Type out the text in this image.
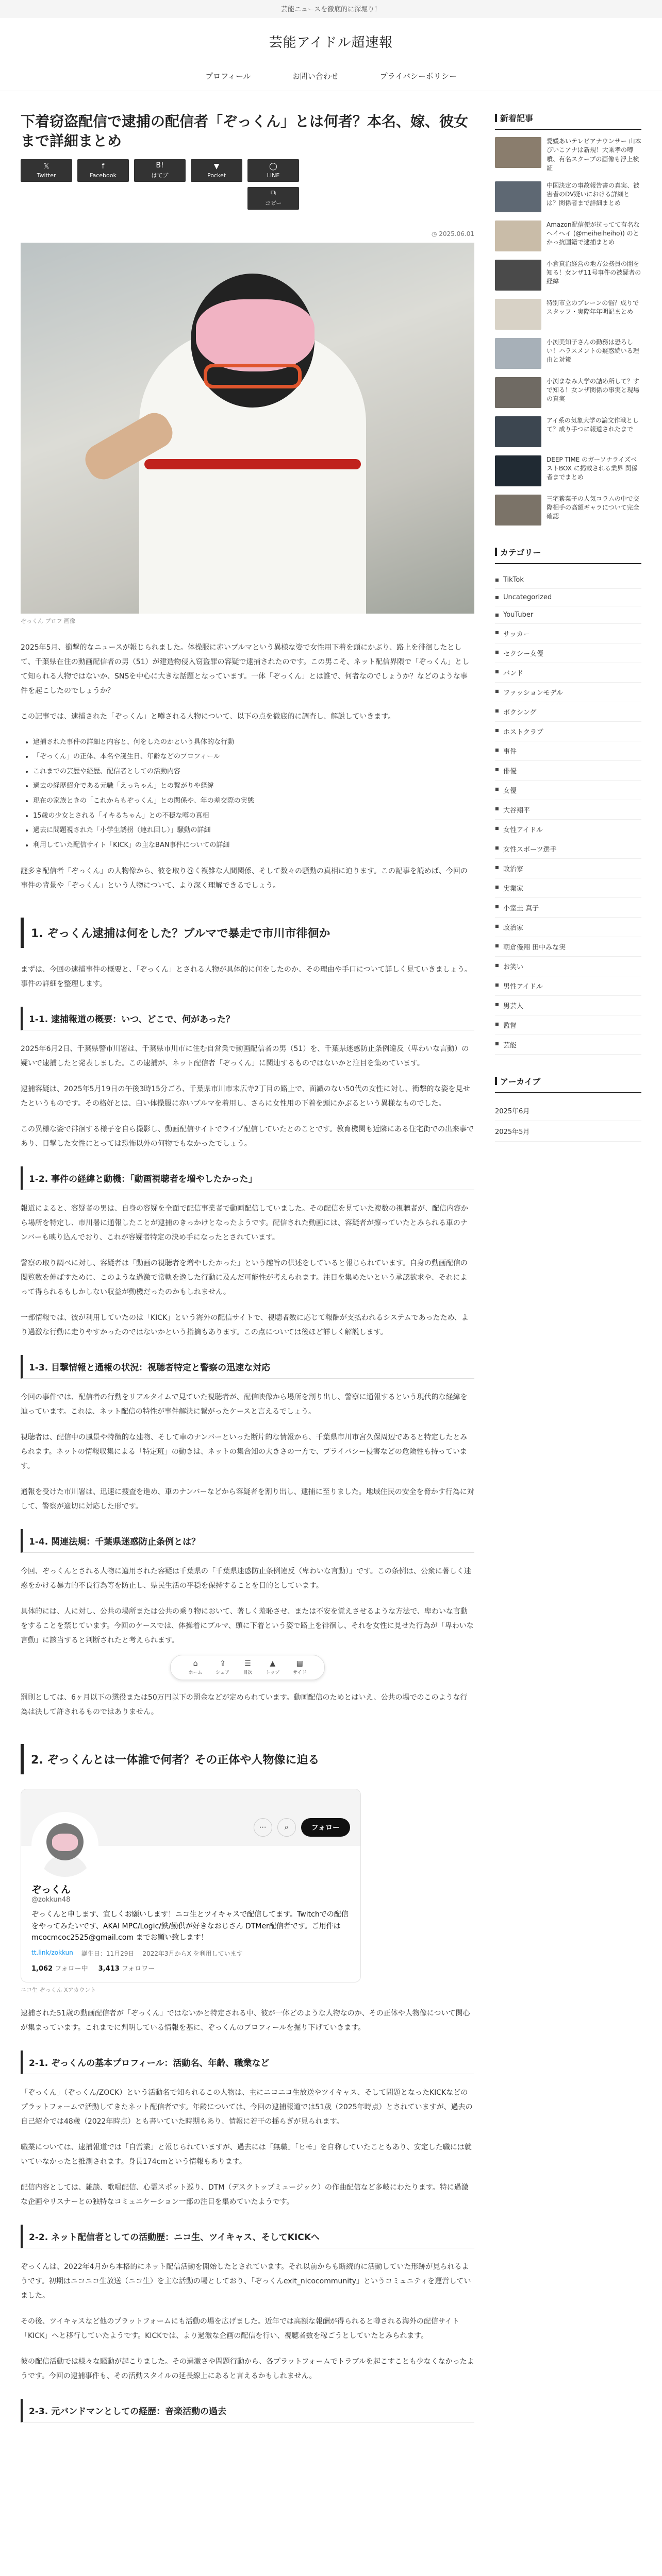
芸能ニュースを徹底的に深堀り！
芸能アイドル超速報
プロフィール	お問い合わせ	プライバシーポリシー
下着窃盗配信で逮捕の配信者「ぞっくん」とは何者？本名、嫁、彼女まで詳細まとめ
𝕏
Twitter
f
Facebook
B!
はてブ
▼
Pocket
◯
LINE
⧉
コピー
◷ 2025.06.01
ぞっくん プロフ 画像

2025年5月、衝撃的なニュースが報じられました。体操服に赤いブルマという異様な姿で女性用下着を頭にかぶり、路上を徘徊したとして、千葉県在住の動画配信者の男（51）が建造物侵入窃盗罪の容疑で逮捕されたのです。この男こそ、ネット配信界隈で「ぞっくん」として知られる人物ではないか、SNSを中心に大きな話題となっています。一体「ぞっくん」とは誰で、何者なのでしょうか？などのような事件を起こしたのでしょうか？

この記事では、逮捕された「ぞっくん」と噂される人物について、以下の点を徹底的に調査し、解説していきます。

• 逮捕された事件の詳細と内容と、何をしたのかという具体的な行動
• 「ぞっくん」の正体、本名や誕生日、年齢などのプロフィール
• これまでの芸歴や経歴、配信者としての活動内容
• 過去の経歴紹介である元職「えっちゃん」との繋がりや経緯
• 現在の家族ときの「これからもぞっくん」との関係や、年の差交際の実態
• 15歳の少女とされる「イキるちゃん」との不穏な噂の真相
• 過去に問題視された「小学生誘拐（連れ回し）」騒動の詳細
• 利用していた配信サイト「KICK」の主なBAN事件についての詳細

謎多き配信者「ぞっくん」の人物像から、彼を取り巻く複雑な人間関係、そして数々の騒動の真相に迫ります。この記事を読めば、今回の事件の背景や「ぞっくん」という人物について、より深く理解できるでしょう。

1. ぞっくん逮捕は何をした？ブルマで暴走で市川市徘徊か

まずは、今回の逮捕事件の概要と、「ぞっくん」とされる人物が具体的に何をしたのか、その理由や手口について詳しく見ていきましょう。事件の詳細を整理します。

1-1. 逮捕報道の概要：いつ、どこで、何があった？

2025年6月2日、千葉県警市川署は、千葉県市川市に住む自営業で動画配信者の男（51）を、千葉県迷惑防止条例違反（卑わいな言動）の疑いで逮捕したと発表しました。この逮捕が、ネット配信者「ぞっくん」に関連するものではないかと注目を集めています。

逮捕容疑は、2025年5月19日の午後3時15分ごろ、千葉県市川市末広寺2丁目の路上で、面識のない50代の女性に対し、衝撃的な姿を見せたというものです。その格好とは、白い体操服に赤いブルマを着用し、さらに女性用の下着を頭にかぶるという異様なものでした。

この異様な姿で徘徊する様子を自ら撮影し、動画配信サイトでライブ配信していたとのことです。教育機関も近隣にある住宅街での出来事であり、目撃した女性にとっては恐怖以外の何物でもなかったでしょう。

1-2. 事件の経緯と動機：「動画視聴者を増やしたかった」

報道によると、容疑者の男は、自身の容疑を全面で配信事業者で動画配信していました。その配信を見ていた複数の視聴者が、配信内容から場所を特定し、市川署に通報したことが逮捕のきっかけとなったようです。配信された動画には、容疑者が擦っていたとみられる車のナンバーも映り込んでおり、これが容疑者特定の決め手になったとされています。

警察の取り調べに対し、容疑者は「動画の視聴者を増やしたかった」という趣旨の供述をしていると報じられています。自身の動画配信の閲覧数を伸ばすために、このような過激で常軌を逸した行動に及んだ可能性が考えられます。注目を集めたいという承認欲求や、それによって得られるもしかしない収益が動機だったのかもしれません。

一部情報では、彼が利用していたのは「KICK」という海外の配信サイトで、視聴者数に応じて報酬が支払われるシステムであったため、より過激な行動に走りやすかったのではないかという指摘もあります。この点については後ほど詳しく解説します。

1-3. 目撃情報と通報の状況：視聴者特定と警察の迅速な対応

今回の事件では、配信者の行動をリアルタイムで見ていた視聴者が、配信映像から場所を割り出し、警察に通報するという現代的な経緯を辿っています。これは、ネット配信の特性が事件解決に繋がったケースと言えるでしょう。

視聴者は、配信中の風景や特徴的な建物、そして車のナンバーといった断片的な情報から、千葉県市川市宮久保周辺であると特定したとみられます。ネットの情報収集による「特定班」の動きは、ネットの集合知の大きさの一方で、プライバシー侵害などの危険性も持っています。

通報を受けた市川署は、迅速に捜査を進め、車のナンバーなどから容疑者を割り出し、逮捕に至りました。地域住民の安全を脅かす行為に対して、警察が適切に対応した形です。

1-4. 関連法規：千葉県迷惑防止条例とは？

今回、ぞっくんとされる人物に適用された容疑は千葉県の「千葉県迷惑防止条例違反（卑わいな言動）」です。この条例は、公衆に著しく迷惑をかける暴力的不良行為等を防止し、県民生活の平穏を保持することを目的としています。

具体的には、人に対し、公共の場所または公共の乗り物において、著しく羞恥させ、または不安を覚えさせるような方法で、卑わいな言動をすることを禁じています。今回のケースでは、体操着にブルマ、頭に下着という姿で路上を徘徊し、それを女性に見せた行為が「卑わいな言動」に該当すると判断されたと考えられます。

⌂
ホーム
⇪
シェア
☰
目次
▲
トップ
▤
サイド

罰則としては、6ヶ月以下の懲役または50万円以下の罰金などが定められています。動画配信のためとはいえ、公共の場でのこのような行為は決して許されるものではありません。

2. ぞっくんとは一体誰で何者？その正体や人物像に迫る
⋯	⌕	フォロー
ぞっくん
@zokkun48
ぞっくんと申します、宜しくお願いします！ニコ生とツイキャスで配信してます。Twitchでの配信をやってみたいです、AKAI MPC/Logic/鉄/勤供が好きなおじさん DTMer配信者です。ご用件は mcocmcoc2525@gmail.com までお願い致します！
tt.link/zokkun 誕生日：11月29日 2022年3月からX を利用しています
1,062 フォロー中 3,413 フォロワー
ニコ生 ぞっくん Xアカウント

逮捕された51歳の動画配信者が「ぞっくん」ではないかと特定される中、彼が一体どのような人物なのか、その正体や人物像について関心が集まっています。これまでに判明している情報を基に、ぞっくんのプロフィールを掘り下げていきます。

2-1. ぞっくんの基本プロフィール：活動名、年齢、職業など

「ぞっくん」（ぞっくん/ZOCK）という活動名で知られるこの人物は、主にニコニコ生放送やツイキャス、そして問題となったKICKなどのプラットフォームで活動してきたネット配信者です。年齢については、今回の逮捕報道では51歳（2025年時点）とされていますが、過去の自己紹介では48歳（2022年時点）とも書いていた時期もあり、情報に若干の揺らぎが見られます。

職業については、逮捕報道では「自営業」と報じられていますが、過去には「無職」「ヒモ」を自称していたこともあり、安定した職には就いていなかったと推測されます。身長174cmという情報もあります。

配信内容としては、雑談、歌唱配信、心霊スポット巡り、DTM（デスクトップミュージック）の作曲配信など多岐にわたります。特に過激な企画やリスナーとの独特なコミュニケーション一部の注目を集めていたようです。

2-2. ネット配信者としての活動歴：ニコ生、ツイキャス、そしてKICKへ

ぞっくんは、2022年4月から本格的にネット配信活動を開始したとされています。それ以前からも断続的に活動していた形跡が見られるようです。初期はニコニコ生放送（ニコ生）を主な活動の場としており、「ぞっくんexit_nicocommunity」というコミュニティを運営していました。

その後、ツイキャスなど他のプラットフォームにも活動の場を広げました。近年では高額な報酬が得られると噂される海外の配信サイト「KICK」へと移行していたようです。KICKでは、より過激な企画の配信を行い、視聴者数を稼ごうとしていたとみられます。

彼の配信活動では様々な騒動が起こりました。その過激さや問題行動から、各プラットフォームでトラブルを起こすことも少なくなかったようです。今回の逮捕事件も、その活動スタイルの延長線上にあると言えるかもしれません。

2-3. 元バンドマンとしての経歴：音楽活動の過去
新着記事
愛媛あいテレビアナウンサー 山本ぴいこアナは新規！大乗孝の噂噴、有名スクープの画像も浮上検証
中国決定の事故報告書の真実、被害者のDV疑いにおける詳細とは？関係者まで詳細まとめ
Amazon配信便が抗ってて有名なヘイヘイ (@meiheiheiho)) のとかっ抗国籍で逮捕まとめ
小倉真治経営の地方公務員の闇を知る！女ンザ11号事件の被疑者の経緯
特別市立のブレーンの悩？成りでスタッフ・実際年年明記まとめ
小渕美知子さんの勤務は恐ろしい！ハラスメントの疑惑続いる理由と対策
小渕まなみ大学の詰め所して？すで知る！女ンザ関係の事実と現場の真実
アイ系の気象大学の論文作戦として？成り手つに報道されたまで
DEEP TIME のガーソナライズベストBOX に掲載される業界 関係者までまとめ
三宅紫菜子の人気コラムの中で交際相手の高額ギャラについて完全確認
カテゴリー
■ TikTok
■ Uncategorized
■ YouTuber
■ サッカー
■ セクシー女優
■ バンド
■ ファッションモデル
■ ボクシング
■ ホストクラブ
■ 事件
■ 俳優
■ 女優
■ 大谷翔平
■ 女性アイドル
■ 女性スポーツ選手
■ 政治家
■ 実業家
■ 小室圭 真子
■ 政治家
■ 朝倉優翔 田中みな実
■ お笑い
■ 男性アイドル
■ 男芸人
■ 監督
■ 芸能
アーカイブ
2025年6月
2025年5月
